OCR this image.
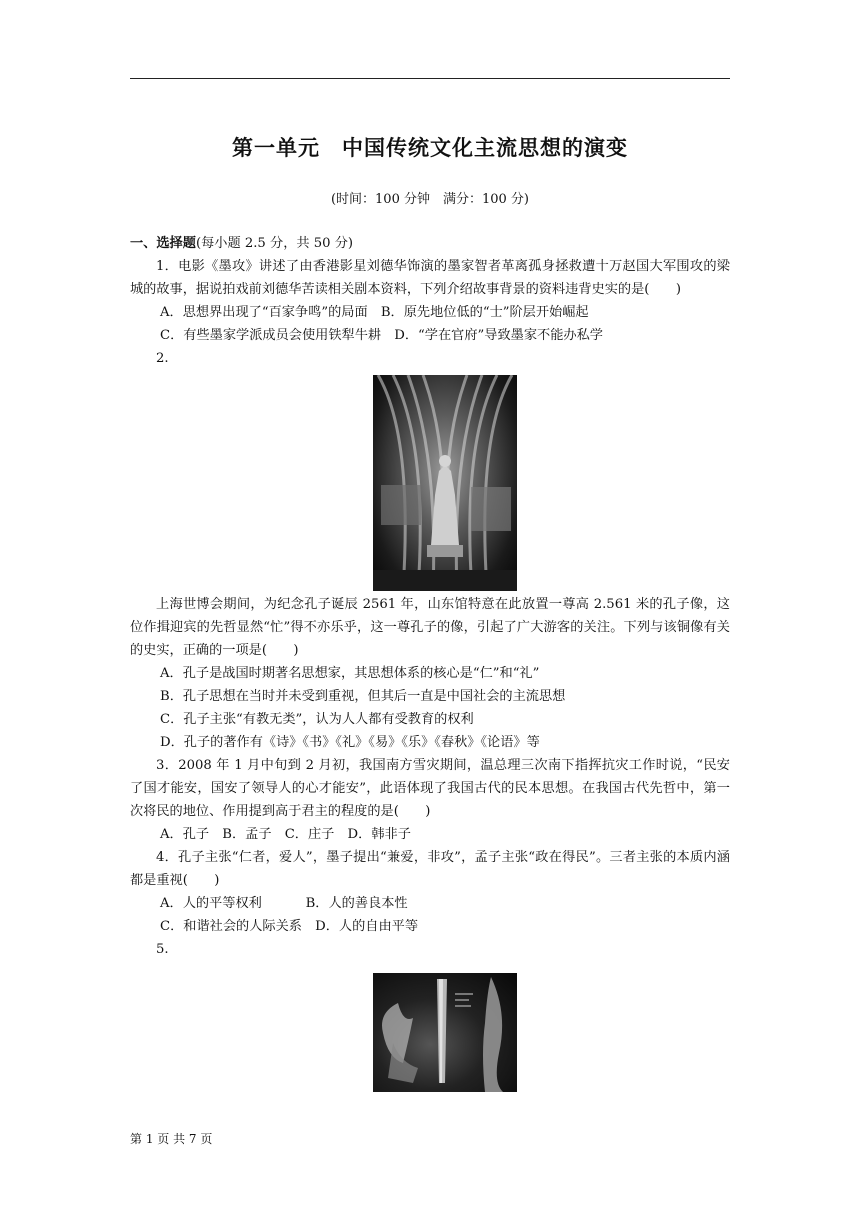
第一单元　中国传统文化主流思想的演变
(时间：100 分钟　满分：100 分)

一、选择题(每小题 2.5 分，共 50 分)

1．电影《墨攻》讲述了由香港影星刘德华饰演的墨家智者革离孤身拯救遭十万赵国大军围攻的梁城的故事，据说拍戏前刘德华苦读相关剧本资料，下列介绍故事背景的资料违背史实的是(　　)

A．思想界出现了“百家争鸣”的局面　B．原先地位低的“士”阶层开始崛起

C．有些墨家学派成员会使用铁犁牛耕　D．“学在官府”导致墨家不能办私学

2.

上海世博会期间，为纪念孔子诞辰 2561 年，山东馆特意在此放置一尊高 2.561 米的孔子像，这位作揖迎宾的先哲显然“忙”得不亦乐乎，这一尊孔子的像，引起了广大游客的关注。下列与该铜像有关的史实，正确的一项是(　　)

A．孔子是战国时期著名思想家，其思想体系的核心是“仁”和“礼”

B．孔子思想在当时并未受到重视，但其后一直是中国社会的主流思想

C．孔子主张“有教无类”，认为人人都有受教育的权利

D．孔子的著作有《诗》《书》《礼》《易》《乐》《春秋》《论语》等

3．2008 年 1 月中旬到 2 月初，我国南方雪灾期间，温总理三次南下指挥抗灾工作时说，“民安了国才能安，国安了领导人的心才能安”，此语体现了我国古代的民本思想。在我国古代先哲中，第一次将民的地位、作用提到高于君主的程度的是(　　)

A．孔子　B．孟子　C．庄子　D．韩非子

4．孔子主张“仁者，爱人”，墨子提出“兼爱，非攻”，孟子主张“政在得民”。三者主张的本质内涵都是重视(　　)

A．人的平等权利　　　 B．人的善良本性

C．和谐社会的人际关系　D．人的自由平等

5.

第 1 页 共 7 页
